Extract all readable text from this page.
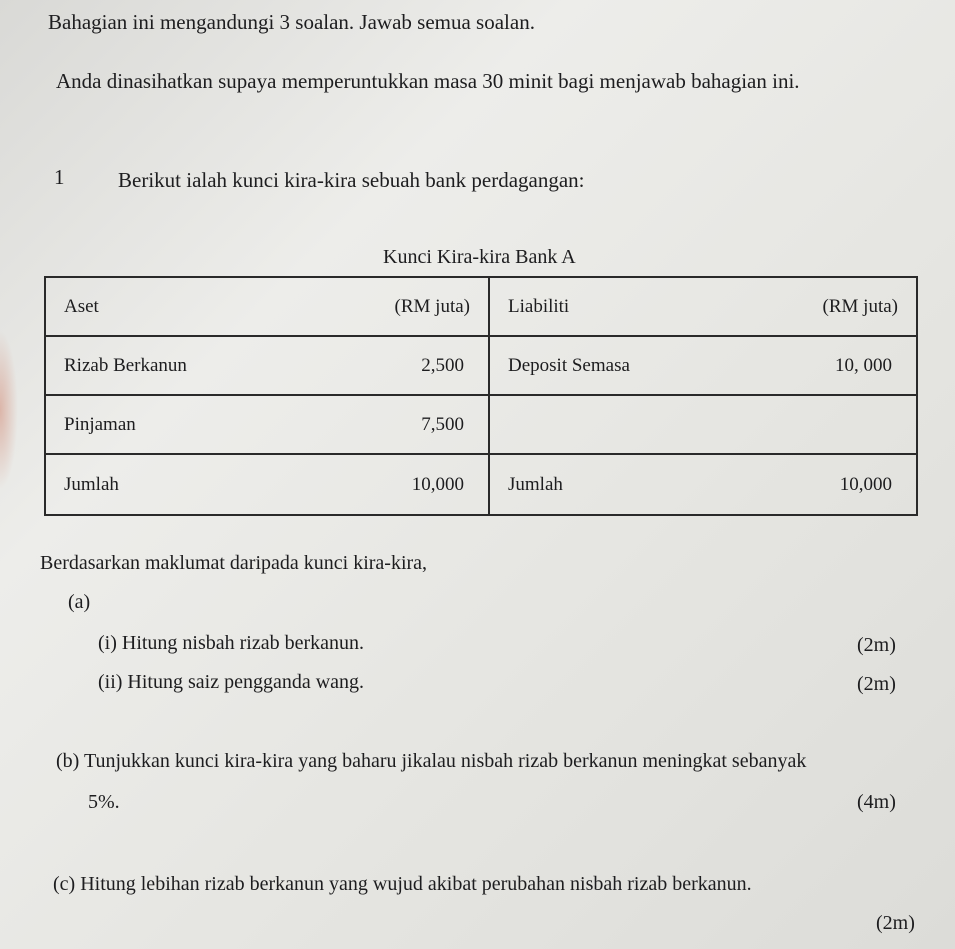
Bahagian ini mengandungi 3 soalan. Jawab semua soalan.
Anda dinasihatkan supaya memperuntukkan masa 30 minit bagi menjawab bahagian ini.
1	Berikut ialah kunci kira-kira sebuah bank perdagangan:
Kunci Kira-kira Bank A
Aset	(RM juta) Liabiliti	(RM juta)
Rizab Berkanun	2,500 Deposit Semasa	10, 000
Pinjaman	7,500
Jumlah	10,000 Jumlah	10,000
Berdasarkan maklumat daripada kunci kira-kira,
(a)
(i) Hitung nisbah rizab berkanun.	(2m)
(ii) Hitung saiz pengganda wang.	(2m)
(b) Tunjukkan kunci kira-kira yang baharu jikalau nisbah rizab berkanun meningkat sebanyak
5%.	(4m)
(c) Hitung lebihan rizab berkanun yang wujud akibat perubahan nisbah rizab berkanun.
(2m)
